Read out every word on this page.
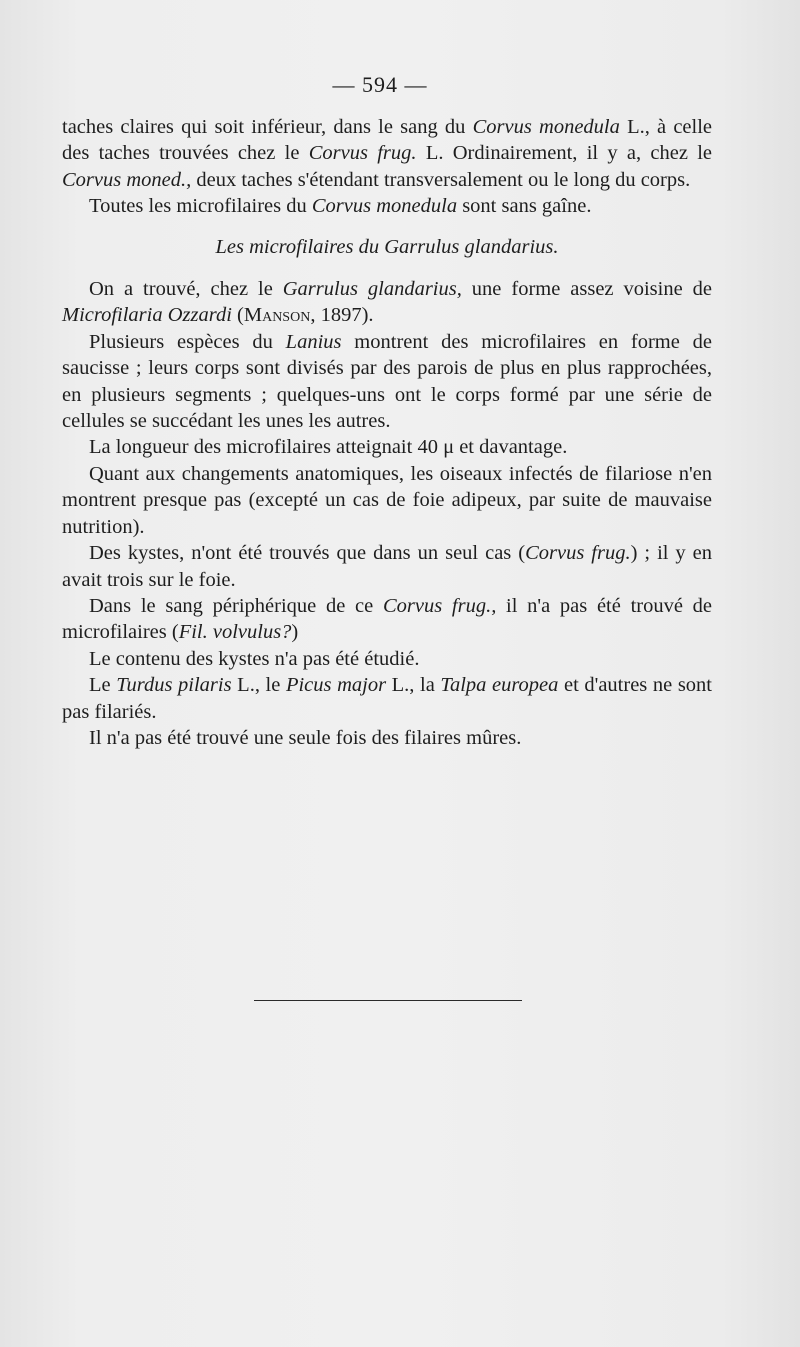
— 594 —

taches claires qui soit inférieur, dans le sang du Corvus monedula L., à celle des taches trouvées chez le Corvus frug. L. Ordinairement, il y a, chez le Corvus moned., deux taches s'étendant transversalement ou le long du corps.

Toutes les microfilaires du Corvus monedula sont sans gaîne.

Les microfilaires du Garrulus glandarius.

On a trouvé, chez le Garrulus glandarius, une forme assez voisine de Microfilaria Ozzardi (Manson, 1897).

Plusieurs espèces du Lanius montrent des microfilaires en forme de saucisse ; leurs corps sont divisés par des parois de plus en plus rapprochées, en plusieurs segments ; quelques-uns ont le corps formé par une série de cellules se succédant les unes les autres.

La longueur des microfilaires atteignait 40 μ et davantage.

Quant aux changements anatomiques, les oiseaux infectés de filariose n'en montrent presque pas (excepté un cas de foie adipeux, par suite de mauvaise nutrition).

Des kystes, n'ont été trouvés que dans un seul cas (Corvus frug.) ; il y en avait trois sur le foie.

Dans le sang périphérique de ce Corvus frug., il n'a pas été trouvé de microfilaires (Fil. volvulus?)

Le contenu des kystes n'a pas été étudié.

Le Turdus pilaris L., le Picus major L., la Talpa europea et d'autres ne sont pas filariés.

Il n'a pas été trouvé une seule fois des filaires mûres.
